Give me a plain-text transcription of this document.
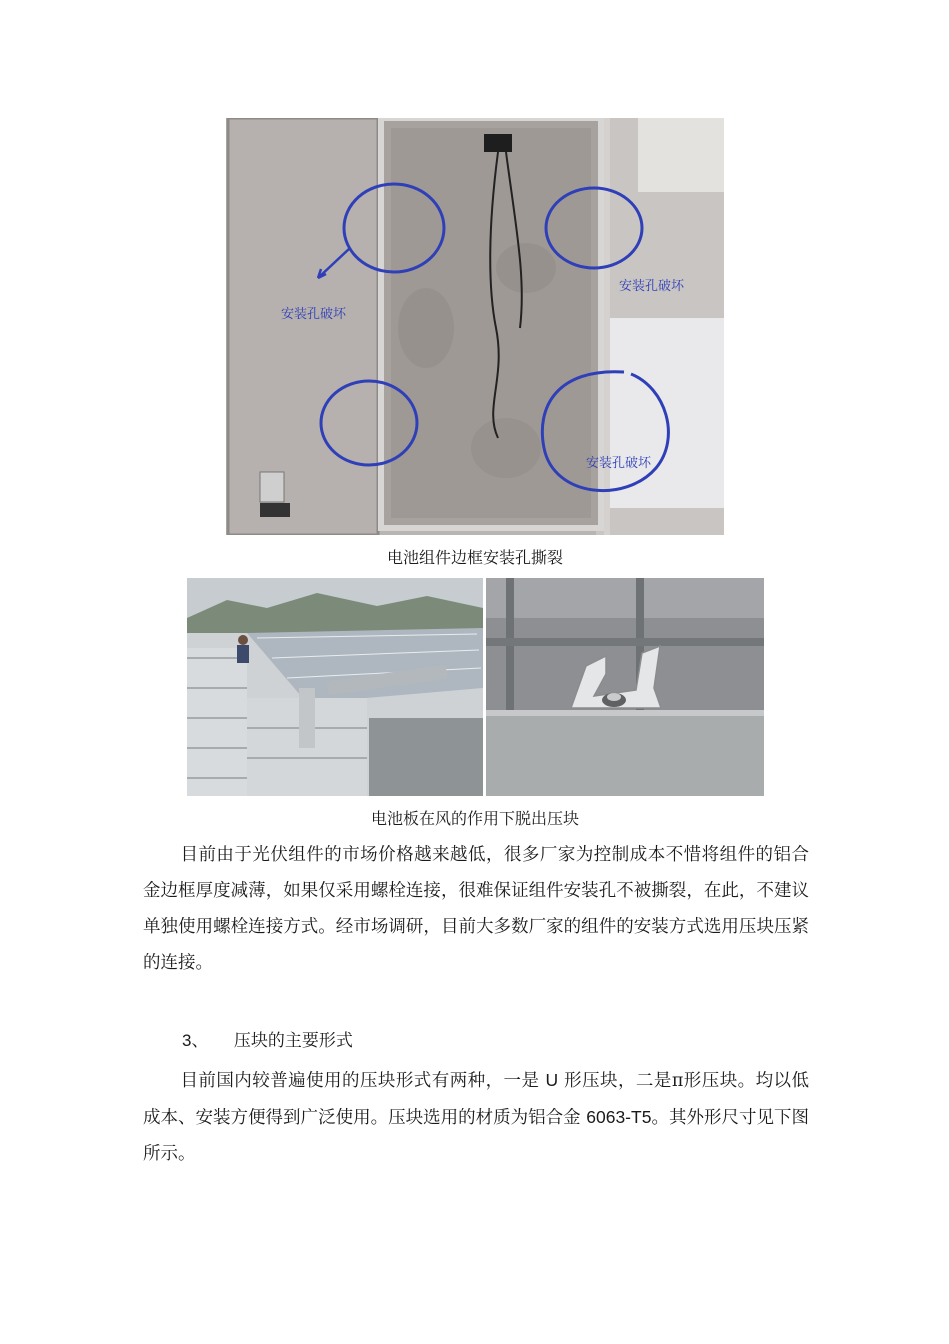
安装孔破坏
安装孔破坏
安装孔破坏
电池组件边框安装孔撕裂
电池板在风的作用下脱出压块

目前由于光伏组件的市场价格越来越低，很多厂家为控制成本不惜将组件的铝合金边框厚度减薄，如果仅采用螺栓连接，很难保证组件安装孔不被撕裂，在此，不建议单独使用螺栓连接方式。经市场调研，目前大多数厂家的组件的安装方式选用压块压紧的连接。

3、 压块的主要形式

目前国内较普遍使用的压块形式有两种，一是 U 形压块，二是π形压块。均以低成本、安装方便得到广泛使用。压块选用的材质为铝合金 6063-T5。其外形尺寸见下图所示。
